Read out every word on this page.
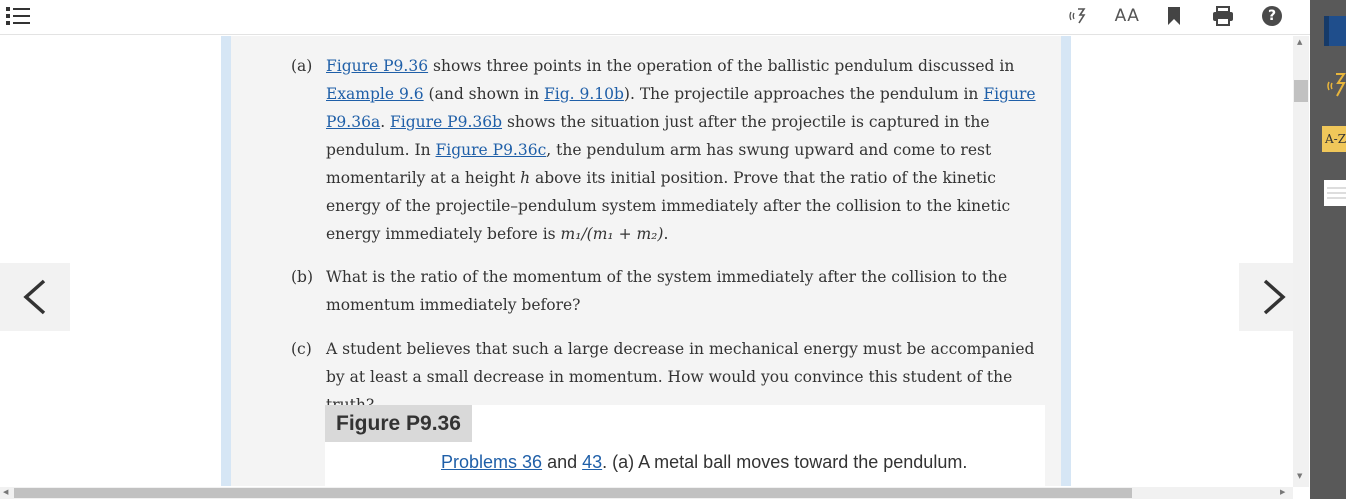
AA	?
A-Z
(a) Figure P9.36 shows three points in the operation of the ballistic pendulum discussed in Example 9.6 (and shown in Fig. 9.10b). The projectile approaches the pendulum in Figure P9.36a. Figure P9.36b shows the situation just after the projectile is captured in the pendulum. In Figure P9.36c, the pendulum arm has swung upward and come to rest momentarily at a height h above its initial position. Prove that the ratio of the kinetic energy of the projectile–pendulum system immediately after the collision to the kinetic energy immediately before is m₁/(m₁ + m₂).
(b) What is the ratio of the momentum of the system immediately after the collision to the momentum immediately before?
(c) A student believes that such a large decrease in mechanical energy must be accompanied by at least a small decrease in momentum. How would you convince this student of the
Figure P9.36
Problems 36 and 43. (a) A metal ball moves toward the pendulum.
▲
▼
◀	▶
